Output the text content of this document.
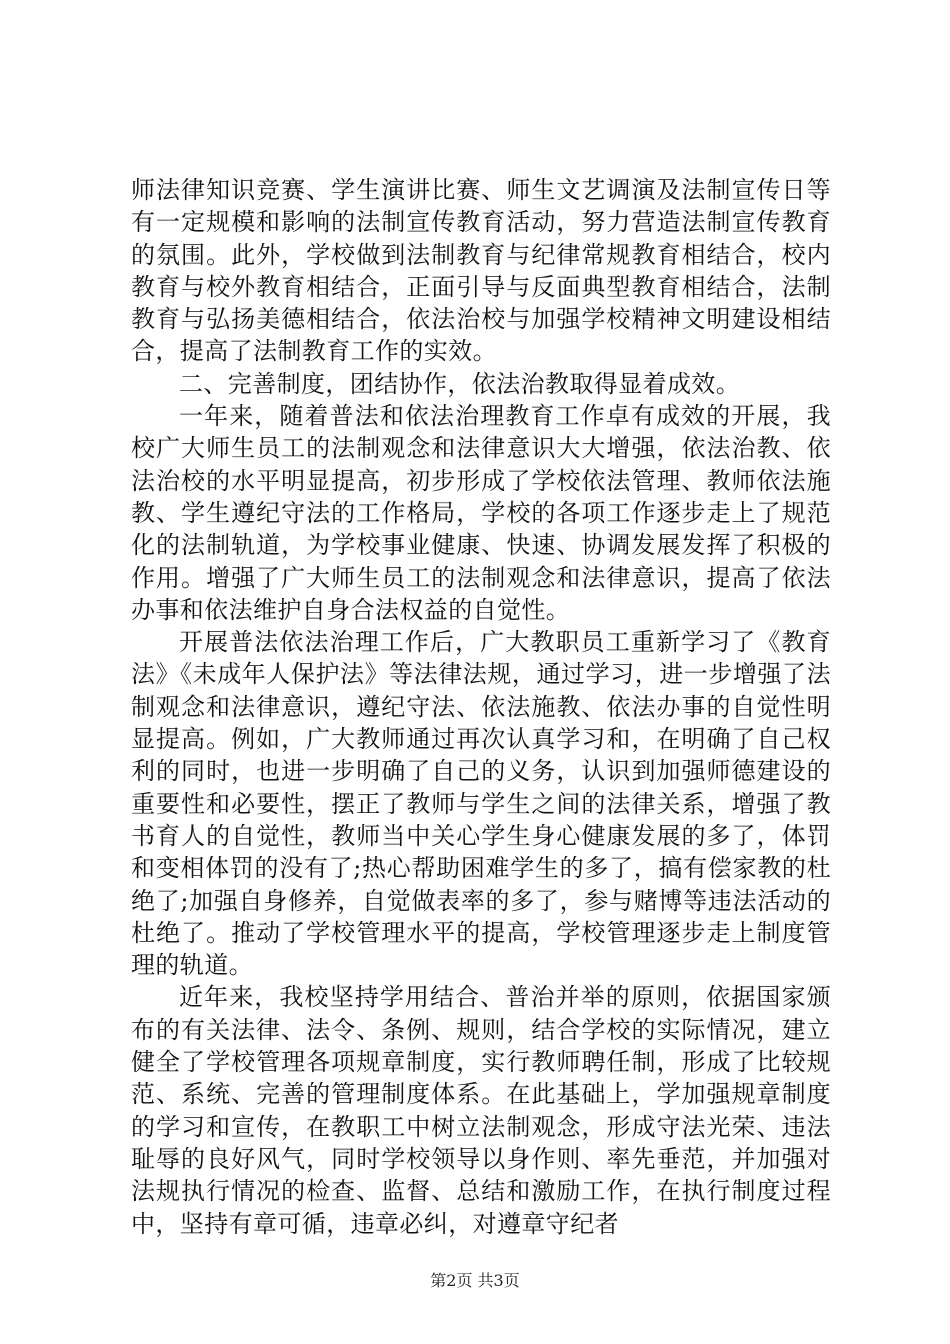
师法律知识竞赛、学生演讲比赛、师生文艺调演及法制宣传日等有一定规模和影响的法制宣传教育活动，努力营造法制宣传教育的氛围。此外，学校做到法制教育与纪律常规教育相结合，校内教育与校外教育相结合，正面引导与反面典型教育相结合，法制教育与弘扬美德相结合，依法治校与加强学校精神文明建设相结合，提高了法制教育工作的实效。

二、完善制度，团结协作，依法治教取得显着成效。

一年来，随着普法和依法治理教育工作卓有成效的开展，我校广大师生员工的法制观念和法律意识大大增强，依法治教、依法治校的水平明显提高，初步形成了学校依法管理、教师依法施教、学生遵纪守法的工作格局，学校的各项工作逐步走上了规范化的法制轨道，为学校事业健康、快速、协调发展发挥了积极的作用。增强了广大师生员工的法制观念和法律意识，提高了依法办事和依法维护自身合法权益的自觉性。

开展普法依法治理工作后，广大教职员工重新学习了《教育法》《未成年人保护法》等法律法规，通过学习，进一步增强了法制观念和法律意识，遵纪守法、依法施教、依法办事的自觉性明显提高。例如，广大教师通过再次认真学习和，在明确了自己权利的同时，也进一步明确了自己的义务，认识到加强师德建设的重要性和必要性，摆正了教师与学生之间的法律关系，增强了教书育人的自觉性，教师当中关心学生身心健康发展的多了，体罚和变相体罚的没有了;热心帮助困难学生的多了，搞有偿家教的杜绝了;加强自身修养，自觉做表率的多了，参与赌博等违法活动的杜绝了。推动了学校管理水平的提高，学校管理逐步走上制度管理的轨道。

近年来，我校坚持学用结合、普治并举的原则，依据国家颁布的有关法律、法令、条例、规则，结合学校的实际情况，建立健全了学校管理各项规章制度，实行教师聘任制，形成了比较规范、系统、完善的管理制度体系。在此基础上，学加强规章制度的学习和宣传，在教职工中树立法制观念，形成守法光荣、违法耻辱的良好风气，同时学校领导以身作则、率先垂范，并加强对法规执行情况的检查、监督、总结和激励工作，在执行制度过程中，坚持有章可循，违章必纠，对遵章守纪者

第2页 共3页
